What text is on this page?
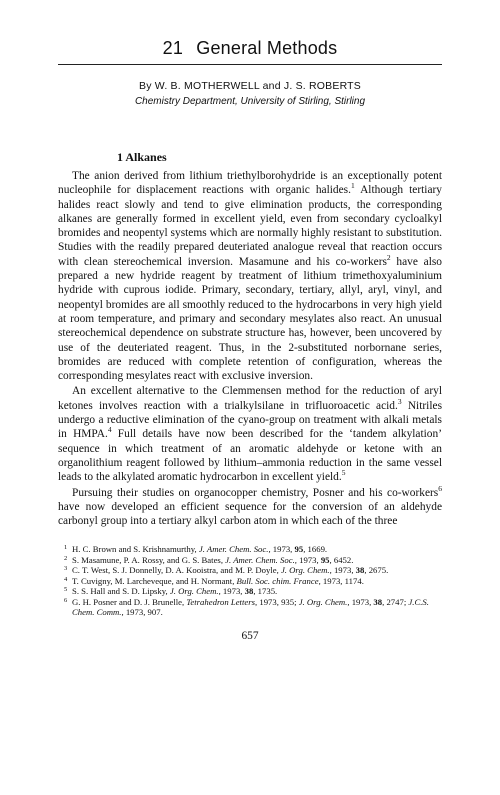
21 General Methods
By W. B. MOTHERWELL and J. S. ROBERTS
Chemistry Department, University of Stirling, Stirling
1 Alkanes

The anion derived from lithium triethylborohydride is an exceptionally potent nucleophile for displacement reactions with organic halides.$^1$ Although tertiary halides react slowly and tend to give elimination products, the corresponding alkanes are generally formed in excellent yield, even from secondary cycloalkyl bromides and neopentyl systems which are normally highly resistant to substitution. Studies with the readily prepared deuteriated analogue reveal that reaction occurs with clean stereochemical inversion. Masamune and his co-workers$^2$ have also prepared a new hydride reagent by treatment of lithium trimethoxyaluminium hydride with cuprous iodide. Primary, secondary, tertiary, allyl, aryl, vinyl, and neopentyl bromides are all smoothly reduced to the hydrocarbons in very high yield at room temperature, and primary and secondary mesylates also react. An unusual stereochemical dependence on substrate structure has, however, been uncovered by use of the deuteriated reagent. Thus, in the 2-substituted norbornane series, bromides are reduced with complete retention of configuration, whereas the corresponding mesylates react with exclusive inversion.

An excellent alternative to the Clemmensen method for the reduction of aryl ketones involves reaction with a trialkylsilane in trifluoroacetic acid.$^3$ Nitriles undergo a reductive elimination of the cyano-group on treatment with alkali metals in HMPA.$^4$ Full details have now been described for the ‘tandem alkylation’ sequence in which treatment of an aromatic aldehyde or ketone with an organolithium reagent followed by lithium–ammonia reduction in the same vessel leads to the alkylated aromatic hydrocarbon in excellent yield.$^5$

Pursuing their studies on organocopper chemistry, Posner and his co-workers$^6$ have now developed an efficient sequence for the conversion of an aldehyde carbonyl group into a tertiary alkyl carbon atom in which each of the three

1 H. C. Brown and S. Krishnamurthy, J. Amer. Chem. Soc., 1973, 95, 1669.
2 S. Masamune, P. A. Rossy, and G. S. Bates, J. Amer. Chem. Soc., 1973, 95, 6452.
3 C. T. West, S. J. Donnelly, D. A. Kooistra, and M. P. Doyle, J. Org. Chem., 1973, 38, 2675.
4 T. Cuvigny, M. Larcheveque, and H. Normant, Bull. Soc. chim. France, 1973, 1174.
5 S. S. Hall and S. D. Lipsky, J. Org. Chem., 1973, 38, 1735.
6 G. H. Posner and D. J. Brunelle, Tetrahedron Letters, 1973, 935; J. Org. Chem., 1973, 38, 2747; J.C.S. Chem. Comm., 1973, 907.
657
